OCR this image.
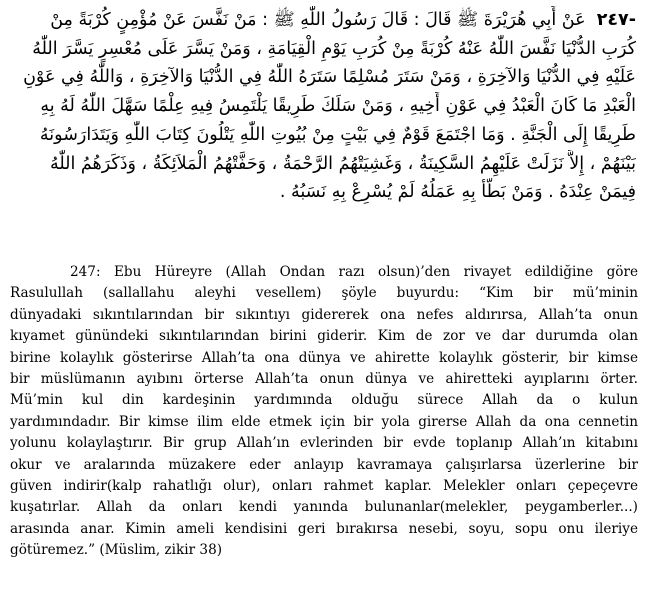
-٢٤٧  عَنْ أَبِي هُرَيْرَةَ ﷺ قَالَ : قَالَ رَسُولُ اللّٰهِ ﷺ : مَنْ نَفَّسَ عَنْ مُؤْمِنٍ كُرْبَةً مِنْ
كُرَبِ الدُّنْيَا نَفَّسَ اللّٰهُ عَنْهُ كُرْبَةً مِنْ كُرَبِ يَوْمِ الْقِيَامَةِ ، وَمَنْ يَسَّرَ عَلَى مُعْسِرٍ يَسَّرَ اللّٰهُ
عَلَيْهِ فِي الدُّنْيَا وَالآخِرَةِ ، وَمَنْ سَتَرَ مُسْلِمًا سَتَرَهُ اللّٰهُ فِي الدُّنْيَا وَالآخِرَةِ ، وَاللّٰهُ فِي عَوْنِ
الْعَبْدِ مَا كَانَ الْعَبْدُ فِي عَوْنِ أَخِيهِ ، وَمَنْ سَلَكَ طَرِيقًا يَلْتَمِسُ فِيهِ عِلْمًا سَهَّلَ اللّٰهُ لَهُ بِهِ
طَرِيقًا إِلَى الْجَنَّةِ . وَمَا اجْتَمَعَ قَوْمٌ فِي بَيْتٍ مِنْ بُيُوتِ اللّٰهِ يَتْلُونَ كِتَابَ اللّٰهِ وَيَتَدَارَسُونَهُ
بَيْنَهُمْ ، إِلاَّ نَزَلَتْ عَلَيْهِمُ السَّكِينَةُ ، وَغَشِيَتْهُمُ الرَّحْمَةُ ، وَحَفَّتْهُمُ الْمَلاَئِكَةُ ، وَذَكَرَهُمُ اللّٰهُ
فِيمَنْ عِنْدَهُ . وَمَنْ بَطَّأَ بِهِ عَمَلُهُ لَمْ يُسْرِعْ بِهِ نَسَبُهُ .
247: Ebu Hüreyre (Allah Ondan razı olsun)’den rivayet edildiğine göre
Rasulullah (sallallahu aleyhi vesellem) şöyle buyurdu: “Kim bir mü’minin
dünyadaki sıkıntılarından bir sıkıntıyı gidererek ona nefes aldırırsa, Allah’ta onun
kıyamet günündeki sıkıntılarından birini giderir. Kim de zor ve dar durumda olan
birine kolaylık gösterirse Allah’ta ona dünya ve ahirette kolaylık gösterir, bir kimse
bir müslümanın ayıbını örterse Allah’ta onun dünya ve ahiretteki ayıplarını örter.
Mü’min kul din kardeşinin yardımında olduğu sürece Allah da o kulun
yardımındadır. Bir kimse ilim elde etmek için bir yola girerse Allah da ona cennetin
yolunu kolaylaştırır. Bir grup Allah’ın evlerinden bir evde toplanıp Allah’ın kitabını
okur ve aralarında müzakere eder anlayıp kavramaya çalışırlarsa üzerlerine bir
güven indirir(kalp rahatlığı olur), onları rahmet kaplar. Melekler onları çepeçevre
kuşatırlar. Allah da onları kendi yanında bulunanlar(melekler, peygamberler...)
arasında anar. Kimin ameli kendisini geri bırakırsa nesebi, soyu, sopu onu ileriye
götüremez.” (Müslim, zikir 38)
